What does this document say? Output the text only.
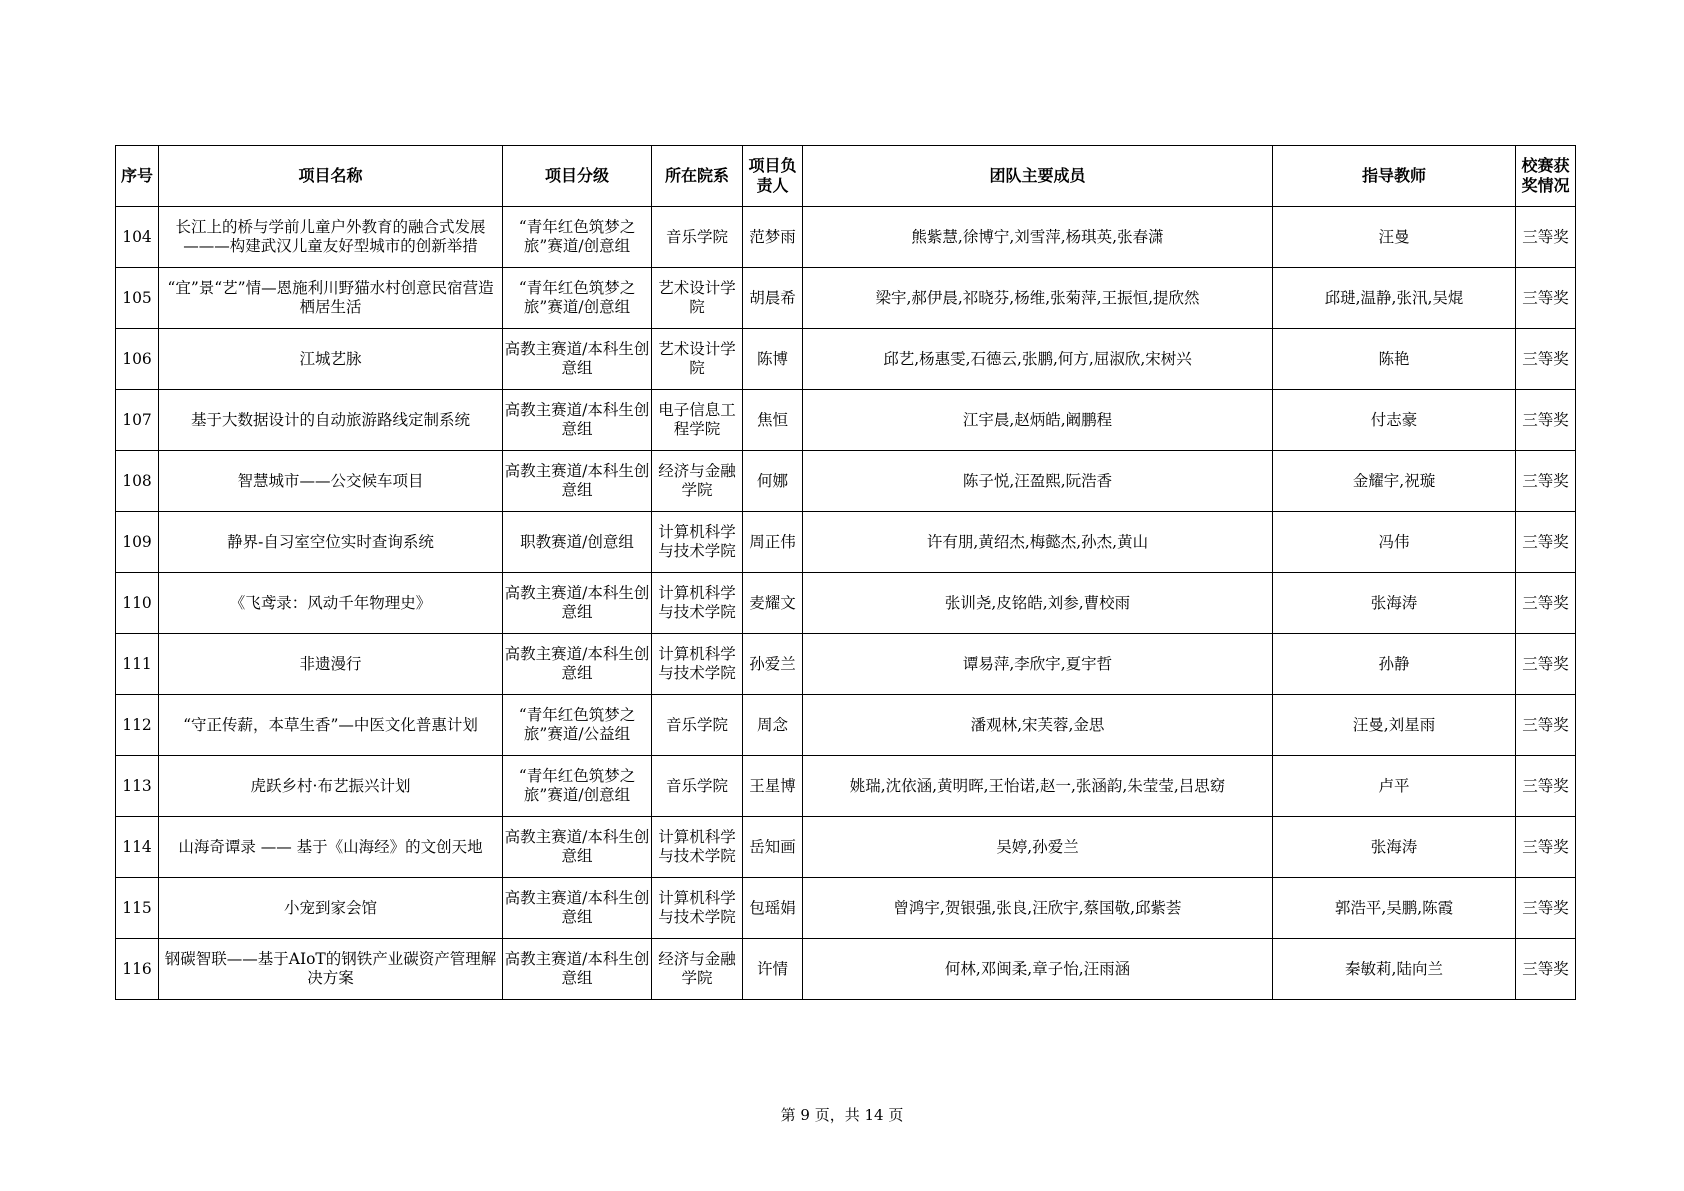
序号	项目名称	项目分级	所在院系	项目负责人	团队主要成员	指导教师	校赛获奖情况
104	长江上的桥与学前儿童户外教育的融合式发展———构建武汉儿童友好型城市的创新举措	“青年红色筑梦之旅”赛道/创意组	音乐学院	范梦雨	熊紫慧,徐博宁,刘雪萍,杨琪英,张春潇	汪曼	三等奖
105	“宜”景“艺”情—恩施利川野猫水村创意民宿营造栖居生活	“青年红色筑梦之旅”赛道/创意组	艺术设计学院	胡晨希	梁宇,郝伊晨,祁晓芬,杨维,张菊萍,王振恒,提欣然	邱琎,温静,张汛,吴焜	三等奖
106	江城艺脉	高教主赛道/本科生创意组	艺术设计学院	陈博	邱艺,杨惠雯,石德云,张鹏,何方,屈淑欣,宋树兴	陈艳	三等奖
107	基于大数据设计的自动旅游路线定制系统	高教主赛道/本科生创意组	电子信息工程学院	焦恒	江宇晨,赵炳皓,阚鹏程	付志豪	三等奖
108	智慧城市——公交候车项目	高教主赛道/本科生创意组	经济与金融学院	何娜	陈子悦,汪盈熙,阮浩香	金耀宇,祝璇	三等奖
109	静界-自习室空位实时查询系统	职教赛道/创意组	计算机科学与技术学院	周正伟	许有朋,黄绍杰,梅懿杰,孙杰,黄山	冯伟	三等奖
110	《飞鸢录：风动千年物理史》	高教主赛道/本科生创意组	计算机科学与技术学院	麦耀文	张训尧,皮铭皓,刘参,曹校雨	张海涛	三等奖
111	非遗漫行	高教主赛道/本科生创意组	计算机科学与技术学院	孙爱兰	谭易萍,李欣宇,夏宇哲	孙静	三等奖
112	“守正传薪，本草生香”—中医文化普惠计划	“青年红色筑梦之旅”赛道/公益组	音乐学院	周念	潘观林,宋芙蓉,金思	汪曼,刘星雨	三等奖
113	虎跃乡村·布艺振兴计划	“青年红色筑梦之旅”赛道/创意组	音乐学院	王星博	姚瑞,沈依涵,黄明晖,王怡诺,赵一,张涵韵,朱莹莹,吕思窈	卢平	三等奖
114	山海奇谭录 —— 基于《山海经》的文创天地	高教主赛道/本科生创意组	计算机科学与技术学院	岳知画	吴婷,孙爱兰	张海涛	三等奖
115	小宠到家会馆	高教主赛道/本科生创意组	计算机科学与技术学院	包瑶娟	曾鸿宇,贺银强,张良,汪欣宇,蔡国敬,邱紫荟	郭浩平,吴鹏,陈霞	三等奖
116	钢碳智联——基于AIoT的钢铁产业碳资产管理解决方案	高教主赛道/本科生创意组	经济与金融学院	许情	何林,邓闽柔,章子怡,汪雨涵	秦敏莉,陆向兰	三等奖
第 9 页，共 14 页
